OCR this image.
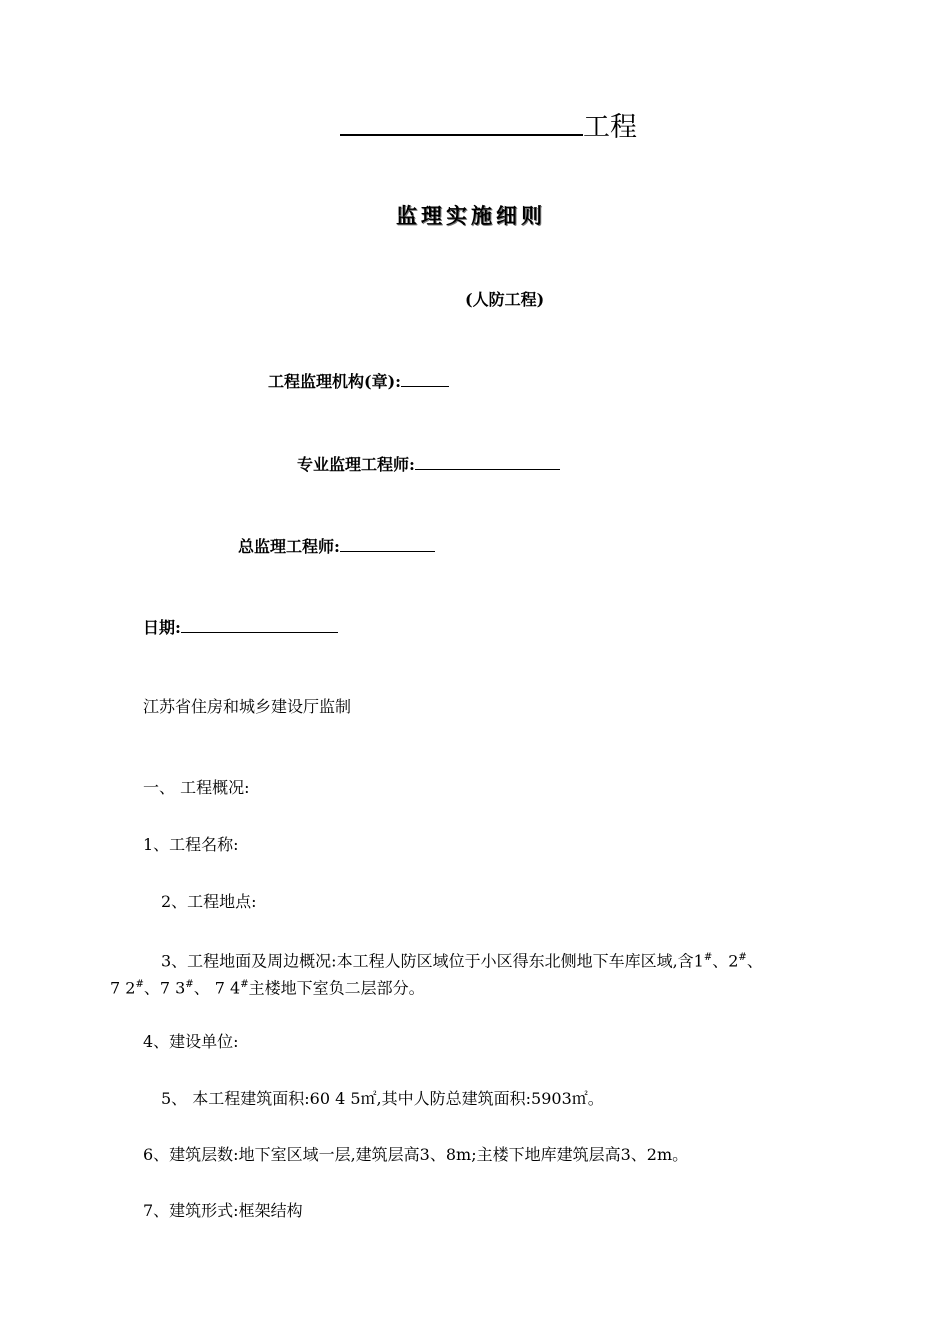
工程
监理实施细则
(人防工程)
工程监理机构(章):
专业监理工程师:
总监理工程师:
日期:
江苏省住房和城乡建设厅监制
一、 工程概况:
1、工程名称:
2、工程地点:
3、工程地面及周边概况:本工程人防区域位于小区得东北侧地下车库区域,含1#、2#、
7 2#、7 3#、 7 4#主楼地下室负二层部分。
4、建设单位:
5、 本工程建筑面积:60 4 5㎡,其中人防总建筑面积:5903㎡。
6、建筑层数:地下室区域一层,建筑层高3、8m;主楼下地库建筑层高3、2m。
7、建筑形式:框架结构
